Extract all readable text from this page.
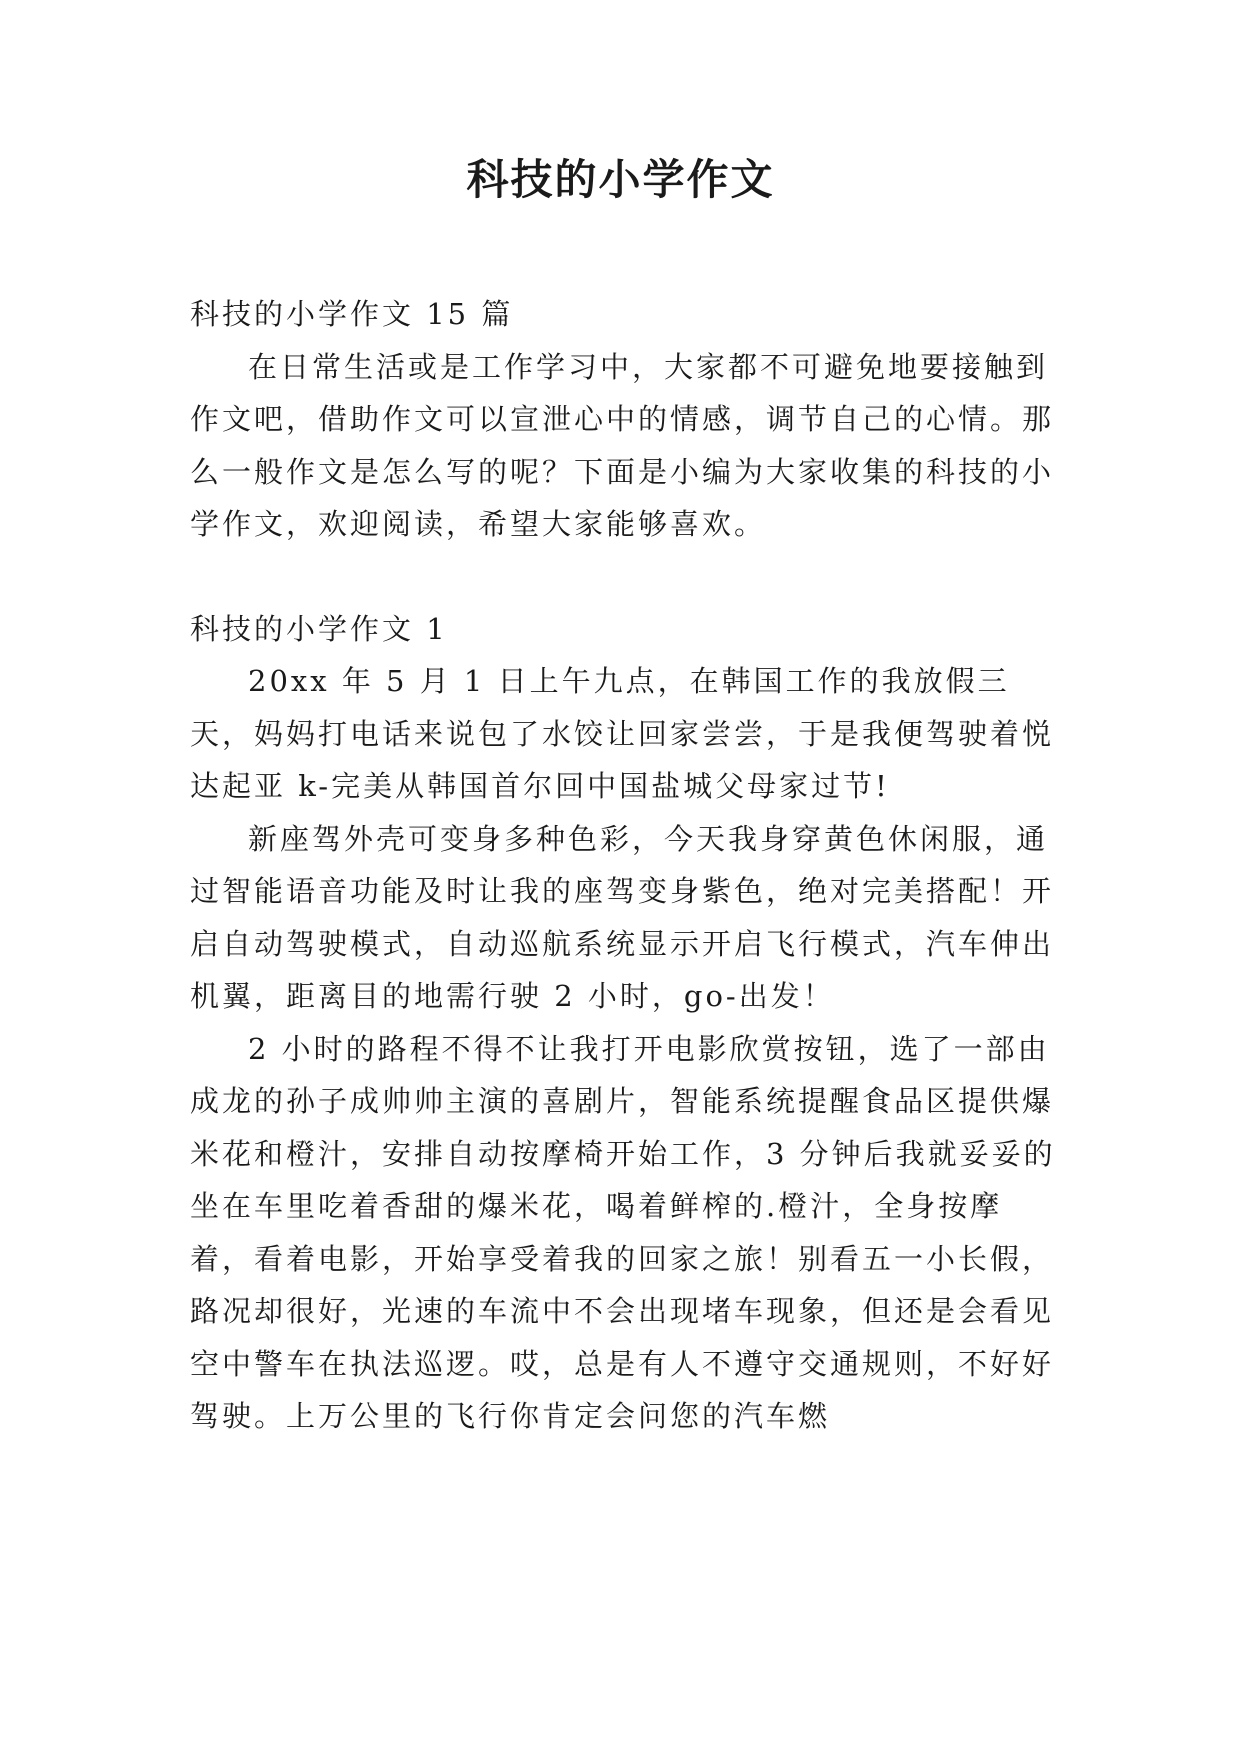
科技的小学作文

科技的小学作文 15 篇

在日常生活或是工作学习中，大家都不可避免地要接触到作文吧，借助作文可以宣泄心中的情感，调节自己的心情。那么一般作文是怎么写的呢？下面是小编为大家收集的科技的小学作文，欢迎阅读，希望大家能够喜欢。

科技的小学作文 1

20xx 年 5 月 1 日上午九点，在韩国工作的我放假三天，妈妈打电话来说包了水饺让回家尝尝，于是我便驾驶着悦达起亚 k-完美从韩国首尔回中国盐城父母家过节!

新座驾外壳可变身多种色彩，今天我身穿黄色休闲服，通过智能语音功能及时让我的座驾变身紫色，绝对完美搭配！开启自动驾驶模式，自动巡航系统显示开启飞行模式，汽车伸出机翼，距离目的地需行驶 2 小时，go-出发！

2 小时的路程不得不让我打开电影欣赏按钮，选了一部由成龙的孙子成帅帅主演的喜剧片，智能系统提醒食品区提供爆米花和橙汁，安排自动按摩椅开始工作，3 分钟后我就妥妥的坐在车里吃着香甜的爆米花，喝着鲜榨的.橙汁，全身按摩着，看着电影，开始享受着我的回家之旅！别看五一小长假，路况却很好，光速的车流中不会出现堵车现象，但还是会看见空中警车在执法巡逻。哎，总是有人不遵守交通规则，不好好驾驶。上万公里的飞行你肯定会问您的汽车燃
